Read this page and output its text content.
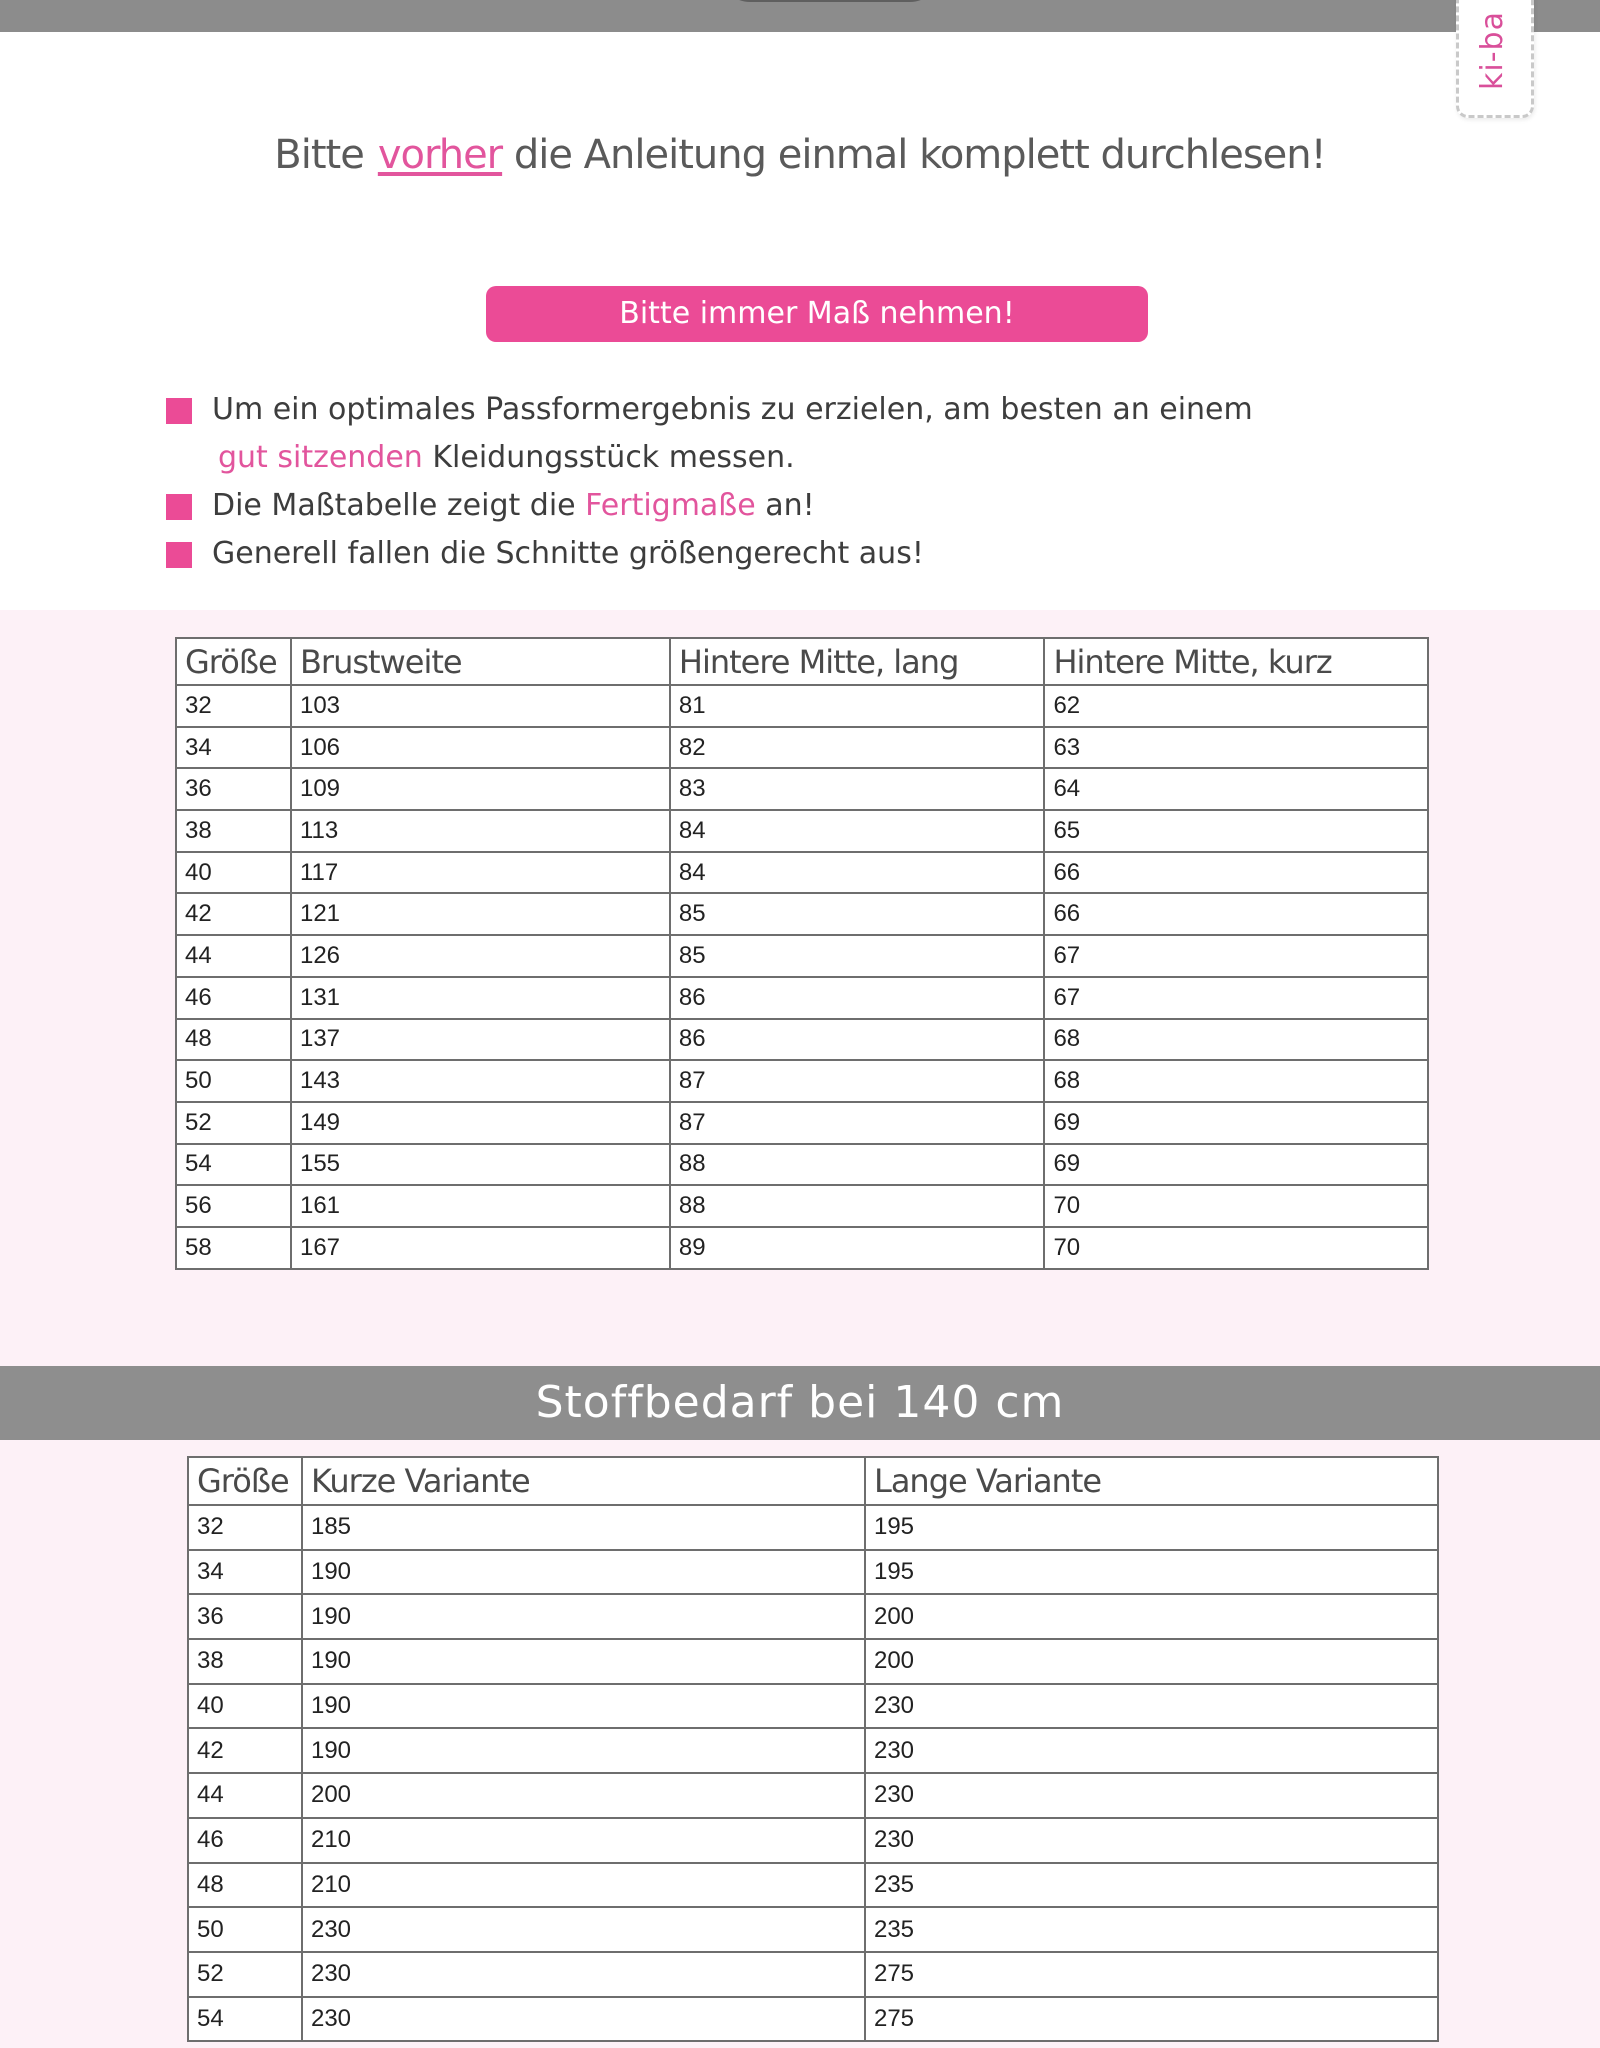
ki-ba
Bitte vorher die Anleitung einmal komplett durchlesen!
Bitte immer Maß nehmen!
Um ein optimales Passformergebnis zu erzielen, am besten an einem
gut sitzenden Kleidungsstück messen.
Die Maßtabelle zeigt die Fertigmaße an!
Generell fallen die Schnitte größengerecht aus!
Größe	Brustweite	Hintere Mitte, lang	Hintere Mitte, kurz
32	103	81	62
34	106	82	63
36	109	83	64
38	113	84	65
40	117	84	66
42	121	85	66
44	126	85	67
46	131	86	67
48	137	86	68
50	143	87	68
52	149	87	69
54	155	88	69
56	161	88	70
58	167	89	70
Stoffbedarf bei 140 cm
Größe	Kurze Variante	Lange Variante
32	185	195
34	190	195
36	190	200
38	190	200
40	190	230
42	190	230
44	200	230
46	210	230
48	210	235
50	230	235
52	230	275
54	230	275
